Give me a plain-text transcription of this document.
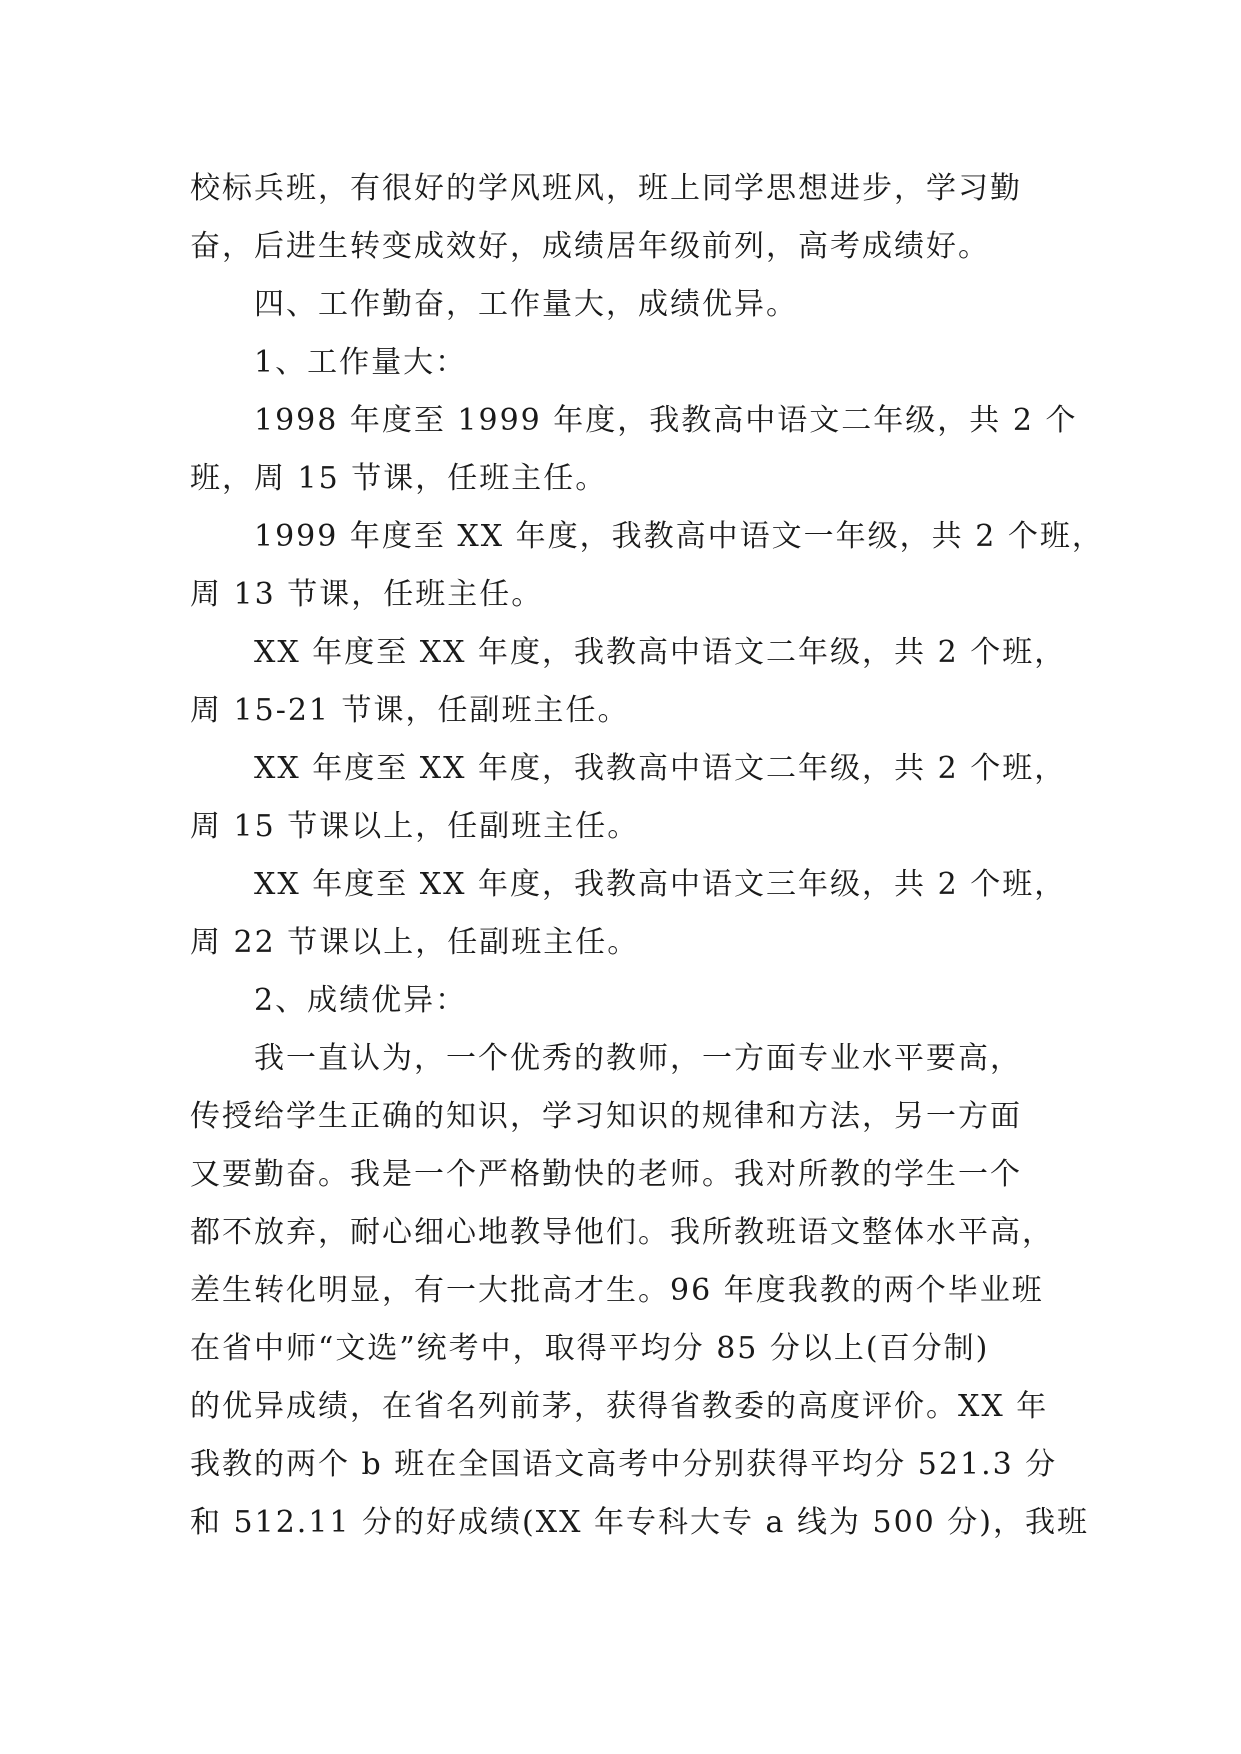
校标兵班，有很好的学风班风，班上同学思想进步，学习勤
奋，后进生转变成效好，成绩居年级前列，高考成绩好。
四、工作勤奋，工作量大，成绩优异。
1、工作量大：
1998 年度至 1999 年度，我教高中语文二年级，共 2 个
班，周 15 节课，任班主任。
1999 年度至 XX 年度，我教高中语文一年级，共 2 个班，
周 13 节课，任班主任。
XX 年度至 XX 年度，我教高中语文二年级，共 2 个班，
周 15-21 节课，任副班主任。
XX 年度至 XX 年度，我教高中语文二年级，共 2 个班，
周 15 节课以上，任副班主任。
XX 年度至 XX 年度，我教高中语文三年级，共 2 个班，
周 22 节课以上，任副班主任。
2、成绩优异：
我一直认为，一个优秀的教师，一方面专业水平要高，
传授给学生正确的知识，学习知识的规律和方法，另一方面
又要勤奋。我是一个严格勤快的老师。我对所教的学生一个
都不放弃，耐心细心地教导他们。我所教班语文整体水平高，
差生转化明显，有一大批高才生。96 年度我教的两个毕业班
在省中师“文选”统考中，取得平均分 85 分以上(百分制)
的优异成绩，在省名列前茅，获得省教委的高度评价。XX 年
我教的两个 b 班在全国语文高考中分别获得平均分 521.3 分
和 512.11 分的好成绩(XX 年专科大专 a 线为 500 分)，我班
